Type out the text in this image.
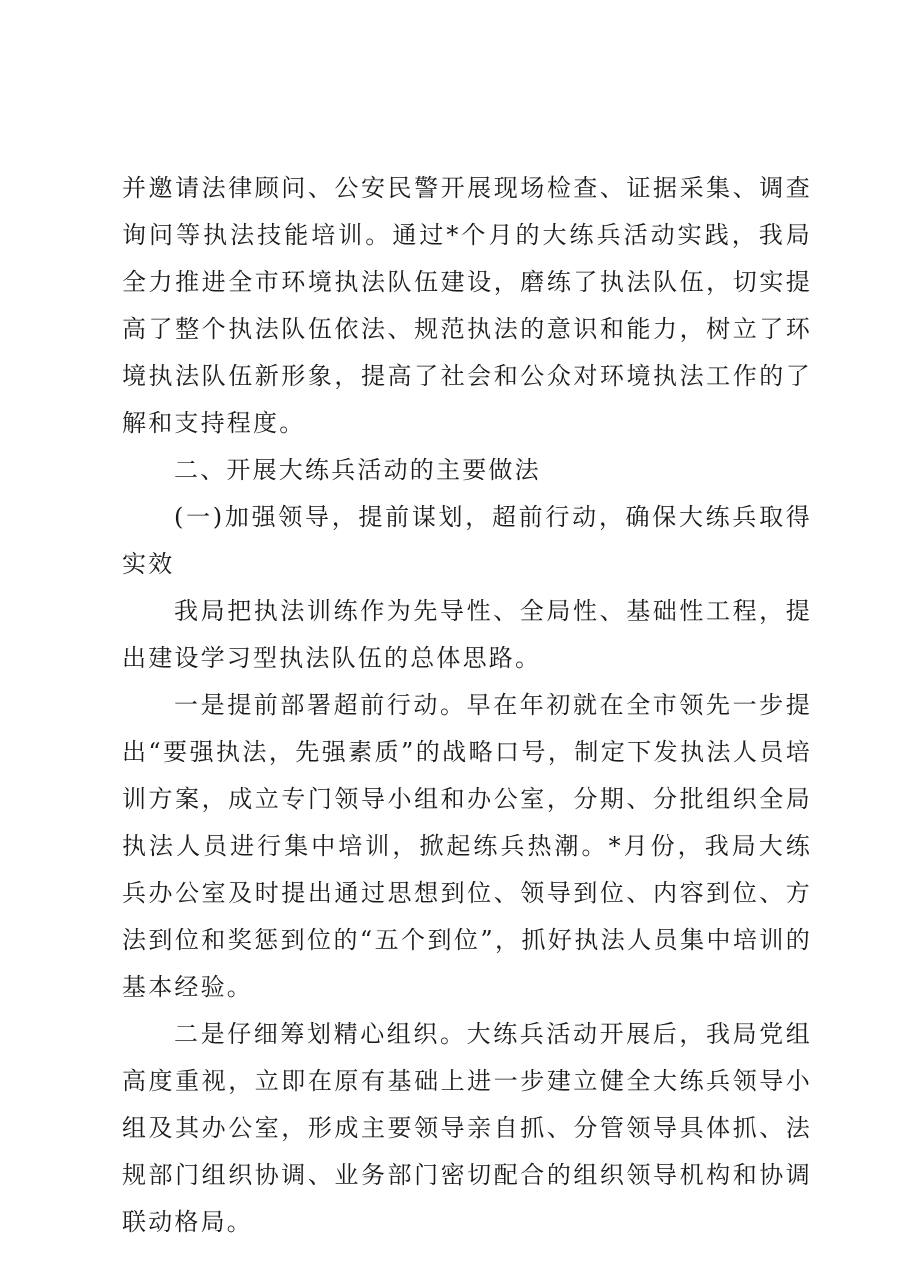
并邀请法律顾问、公安民警开展现场检查、证据采集、调查询问等执法技能培训。通过*个月的大练兵活动实践，我局全力推进全市环境执法队伍建设，磨练了执法队伍，切实提高了整个执法队伍依法、规范执法的意识和能力，树立了环境执法队伍新形象，提高了社会和公众对环境执法工作的了解和支持程度。

二、开展大练兵活动的主要做法

(一)加强领导，提前谋划，超前行动，确保大练兵取得实效

我局把执法训练作为先导性、全局性、基础性工程，提出建设学习型执法队伍的总体思路。

一是提前部署超前行动。早在年初就在全市领先一步提出“要强执法，先强素质”的战略口号，制定下发执法人员培训方案，成立专门领导小组和办公室，分期、分批组织全局执法人员进行集中培训，掀起练兵热潮。*月份，我局大练兵办公室及时提出通过思想到位、领导到位、内容到位、方法到位和奖惩到位的“五个到位”，抓好执法人员集中培训的基本经验。

二是仔细筹划精心组织。大练兵活动开展后，我局党组高度重视，立即在原有基础上进一步建立健全大练兵领导小组及其办公室，形成主要领导亲自抓、分管领导具体抓、法规部门组织协调、业务部门密切配合的组织领导机构和协调联动格局。
